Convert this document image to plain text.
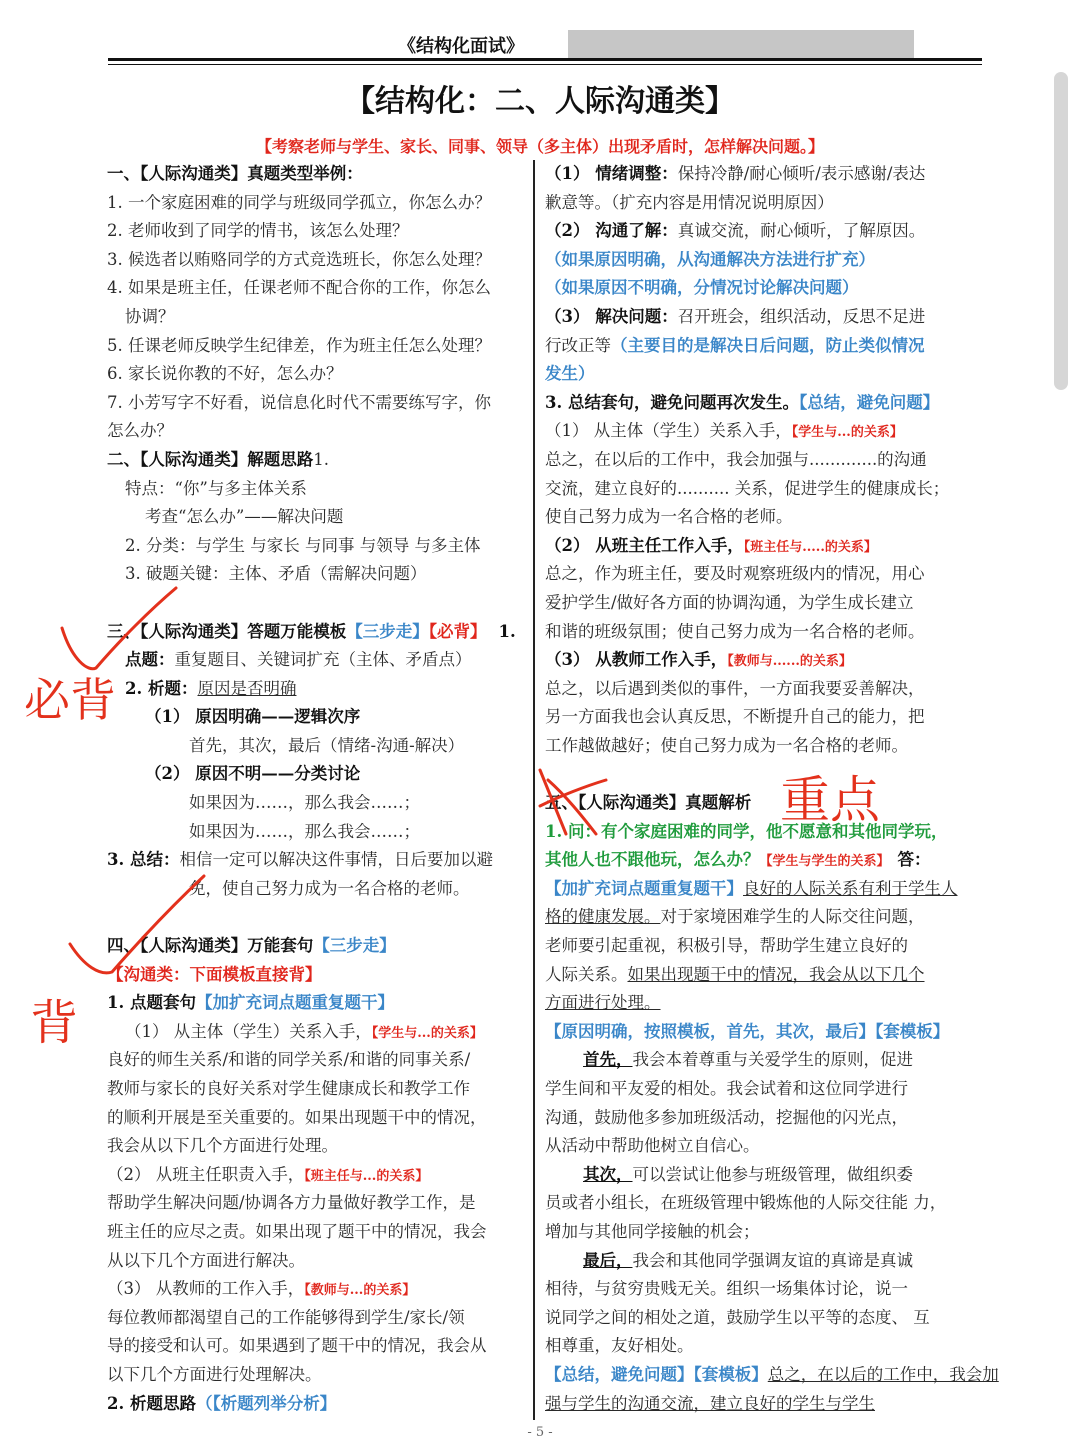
《结构化面试》
【结构化：二、人际沟通类】
【考察老师与学生、家长、同事、领导（多主体）出现矛盾时，怎样解决问题。】
一、【人际沟通类】真题类型举例：
1. 一个家庭困难的同学与班级同学孤立，你怎么办？
2. 老师收到了同学的情书，该怎么处理？
3. 候选者以贿赂同学的方式竞选班长，你怎么处理？
4. 如果是班主任，任课老师不配合你的工作，你怎么
协调？
5. 任课老师反映学生纪律差，作为班主任怎么处理？
6. 家长说你教的不好，怎么办？
7. 小芳写字不好看，说信息化时代不需要练写字，你
怎么办？
二、【人际沟通类】解题思路1.
特点：“你”与多主体关系
考查“怎么办”——解决问题
2. 分类：与学生 与家长 与同事 与领导 与多主体
3. 破题关键：主体、矛盾（需解决问题）
三、【人际沟通类】答题万能模板【三步走】【必背】 1.
点题：重复题目、关键词扩充（主体、矛盾点）
2. 析题：原因是否明确
（1） 原因明确——逻辑次序
首先，其次，最后（情绪-沟通-解决）
（2） 原因不明——分类讨论
如果因为……，那么我会……；
如果因为……，那么我会……；
3. 总结：相信一定可以解决这件事情，日后要加以避
免，使自己努力成为一名合格的老师。
四、【人际沟通类】万能套句【三步走】
【沟通类：下面模板直接背】
1. 点题套句【加扩充词点题重复题干】
（1） 从主体（学生）关系入手，【学生与...的关系】
良好的师生关系/和谐的同学关系/和谐的同事关系/
教师与家长的良好关系对学生健康成长和教学工作
的顺利开展是至关重要的。如果出现题干中的情况，
我会从以下几个方面进行处理。
（2） 从班主任职责入手，【班主任与...的关系】
帮助学生解决问题/协调各方力量做好教学工作，是
班主任的应尽之责。如果出现了题干中的情况，我会
从以下几个方面进行解决。
（3） 从教师的工作入手，【教师与...的关系】
每位教师都渴望自己的工作能够得到学生/家长/领
导的接受和认可。如果遇到了题干中的情况，我会从
以下几个方面进行处理解决。
2. 析题思路（【析题列举分析】
（1） 情绪调整：保持冷静/耐心倾听/表示感谢/表达
歉意等。（扩充内容是用情况说明原因）
（2） 沟通了解：真诚交流，耐心倾听，了解原因。
（如果原因明确，从沟通解决方法进行扩充）
（如果原因不明确，分情况讨论解决问题）
（3） 解决问题：召开班会，组织活动，反思不足进
行改正等（主要目的是解决日后问题，防止类似情况
发生）
3. 总结套句，避免问题再次发生。【总结，避免问题】
（1） 从主体（学生）关系入手，【学生与...的关系】
总之，在以后的工作中，我会加强与.............的沟通
交流，建立良好的.......... 关系，促进学生的健康成长；
使自己努力成为一名合格的老师。
（2） 从班主任工作入手，【班主任与.....的关系】
总之，作为班主任，要及时观察班级内的情况，用心
爱护学生/做好各方面的协调沟通，为学生成长建立
和谐的班级氛围；使自己努力成为一名合格的老师。
（3） 从教师工作入手，【教师与......的关系】
总之，以后遇到类似的事件，一方面我要妥善解决，
另一方面我也会认真反思，不断提升自己的能力，把
工作越做越好；使自己努力成为一名合格的老师。
五、【人际沟通类】真题解析
1. 问：有个家庭困难的同学，他不愿意和其他同学玩，
其他人也不跟他玩，怎么办？【学生与学生的关系】 答：
【加扩充词点题重复题干】良好的人际关系有利于学生人
格的健康发展。对于家境困难学生的人际交往问题，
老师要引起重视，积极引导，帮助学生建立良好的
人际关系。如果出现题干中的情况，我会从以下几个
方面进行处理。
【原因明确，按照模板，首先，其次，最后】【套模板】
首先，我会本着尊重与关爱学生的原则，促进
学生间和平友爱的相处。我会试着和这位同学进行
沟通，鼓励他多参加班级活动，挖掘他的闪光点，
从活动中帮助他树立自信心。
其次，可以尝试让他参与班级管理，做组织委
员或者小组长，在班级管理中锻炼他的人际交往能 力，
增加与其他同学接触的机会；
最后，我会和其他同学强调友谊的真谛是真诚
相待，与贫穷贵贱无关。组织一场集体讨论，说一
说同学之间的相处之道，鼓励学生以平等的态度、 互
相尊重，友好相处。
【总结，避免问题】【套模板】总之，在以后的工作中，我会加
强与学生的沟通交流，建立良好的学生与学生
必背
背
重点
- 5 -
